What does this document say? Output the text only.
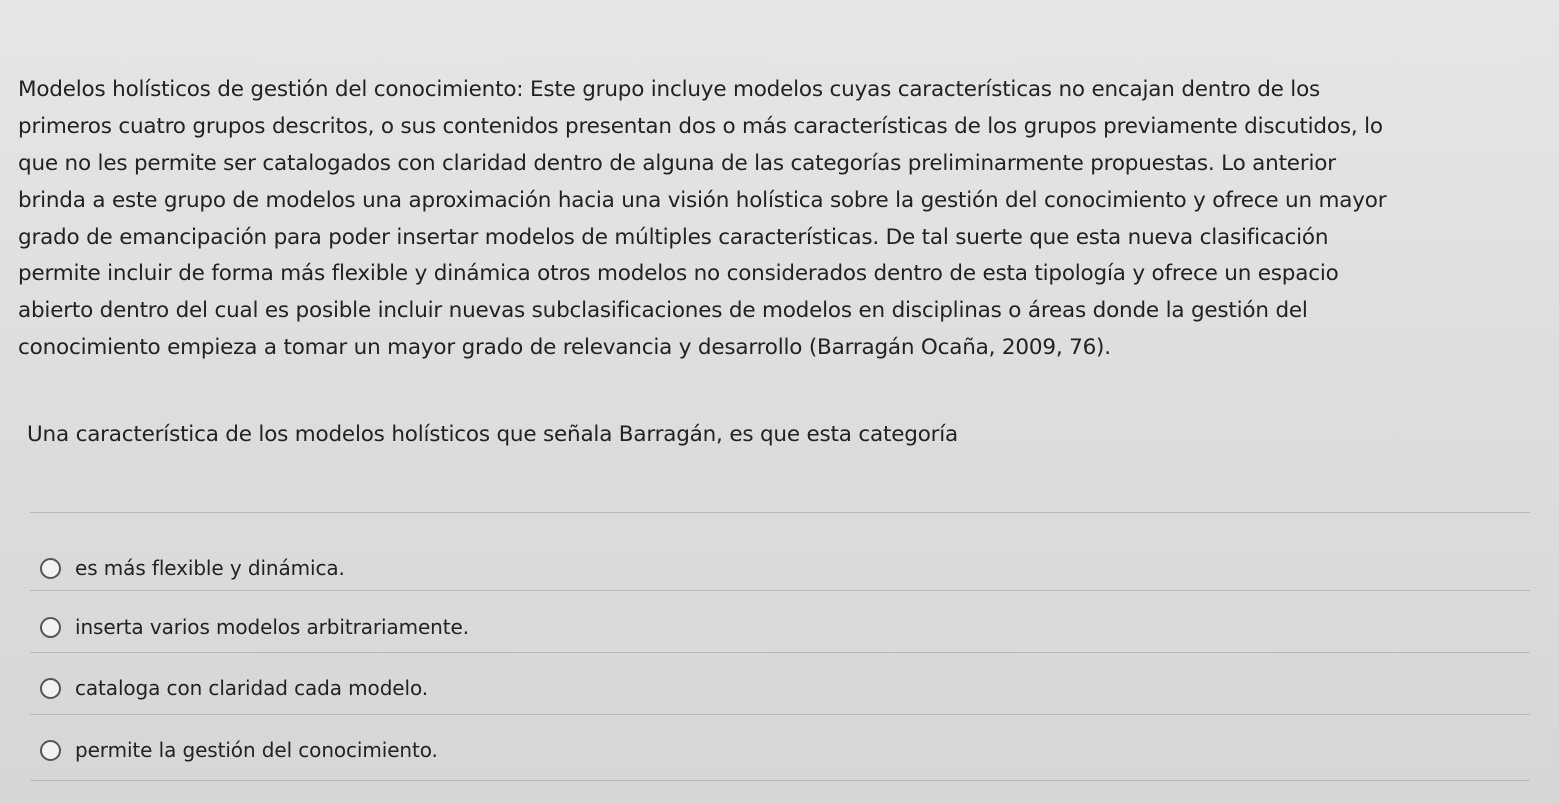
Modelos holísticos de gestión del conocimiento: Este grupo incluye modelos cuyas características no encajan dentro de los
primeros cuatro grupos descritos, o sus contenidos presentan dos o más características de los grupos previamente discutidos, lo
que no les permite ser catalogados con claridad dentro de alguna de las categorías preliminarmente propuestas. Lo anterior
brinda a este grupo de modelos una aproximación hacia una visión holística sobre la gestión del conocimiento y ofrece un mayor
grado de emancipación para poder insertar modelos de múltiples características. De tal suerte que esta nueva clasificación
permite incluir de forma más flexible y dinámica otros modelos no considerados dentro de esta tipología y ofrece un espacio
abierto dentro del cual es posible incluir nuevas subclasificaciones de modelos en disciplinas o áreas donde la gestión del
conocimiento empieza a tomar un mayor grado de relevancia y desarrollo (Barragán Ocaña, 2009, 76).
Una característica de los modelos holísticos que señala Barragán, es que esta categoría
es más flexible y dinámica.
inserta varios modelos arbitrariamente.
cataloga con claridad cada modelo.
permite la gestión del conocimiento.
